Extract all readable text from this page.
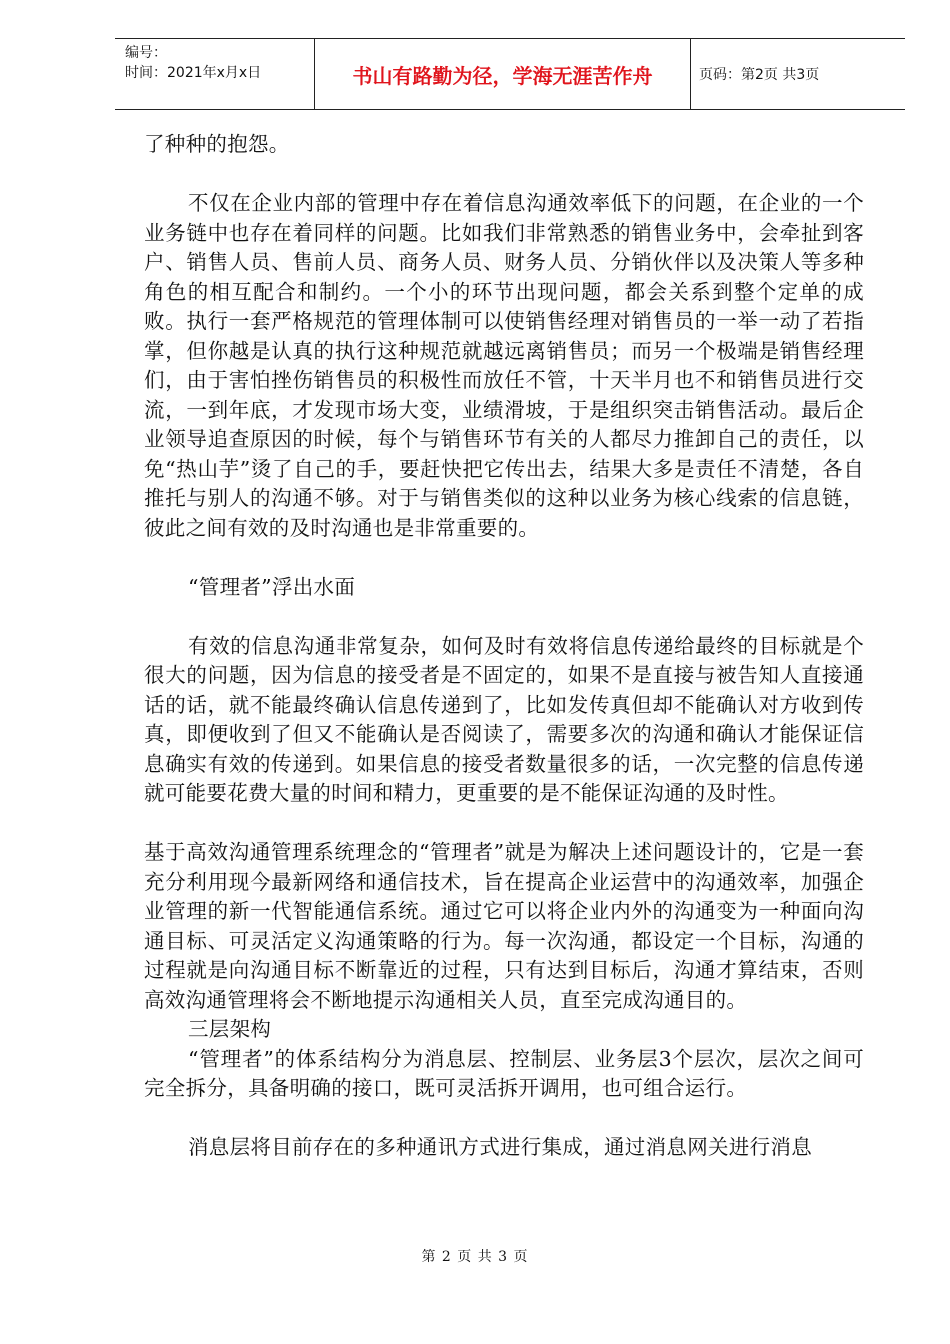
编号：
时间：2021年x月x日	书山有路勤为径，学海无涯苦作舟	页码：第2页 共3页

了种种的抱怨。

不仅在企业内部的管理中存在着信息沟通效率低下的问题，在企业的一个业务链中也存在着同样的问题。比如我们非常熟悉的销售业务中，会牵扯到客户、销售人员、售前人员、商务人员、财务人员、分销伙伴以及决策人等多种角色的相互配合和制约。一个小的环节出现问题，都会关系到整个定单的成败。执行一套严格规范的管理体制可以使销售经理对销售员的一举一动了若指掌，但你越是认真的执行这种规范就越远离销售员；而另一个极端是销售经理们，由于害怕挫伤销售员的积极性而放任不管，十天半月也不和销售员进行交流，一到年底，才发现市场大变，业绩滑坡，于是组织突击销售活动。最后企业领导追查原因的时候，每个与销售环节有关的人都尽力推卸自己的责任，以免“热山芋”烫了自己的手，要赶快把它传出去，结果大多是责任不清楚，各自推托与别人的沟通不够。对于与销售类似的这种以业务为核心线索的信息链，彼此之间有效的及时沟通也是非常重要的。

“管理者”浮出水面

有效的信息沟通非常复杂，如何及时有效将信息传递给最终的目标就是个很大的问题，因为信息的接受者是不固定的，如果不是直接与被告知人直接通话的话，就不能最终确认信息传递到了，比如发传真但却不能确认对方收到传真，即便收到了但又不能确认是否阅读了，需要多次的沟通和确认才能保证信息确实有效的传递到。如果信息的接受者数量很多的话，一次完整的信息传递就可能要花费大量的时间和精力，更重要的是不能保证沟通的及时性。

基于高效沟通管理系统理念的“管理者”就是为解决上述问题设计的，它是一套充分利用现今最新网络和通信技术，旨在提高企业运营中的沟通效率，加强企业管理的新一代智能通信系统。通过它可以将企业内外的沟通变为一种面向沟通目标、可灵活定义沟通策略的行为。每一次沟通，都设定一个目标，沟通的过程就是向沟通目标不断靠近的过程，只有达到目标后，沟通才算结束，否则高效沟通管理将会不断地提示沟通相关人员，直至完成沟通目的。

三层架构

“管理者”的体系结构分为消息层、控制层、业务层3个层次，层次之间可完全拆分，具备明确的接口，既可灵活拆开调用，也可组合运行。

消息层将目前存在的多种通讯方式进行集成，通过消息网关进行消息

第 2 页 共 3 页
